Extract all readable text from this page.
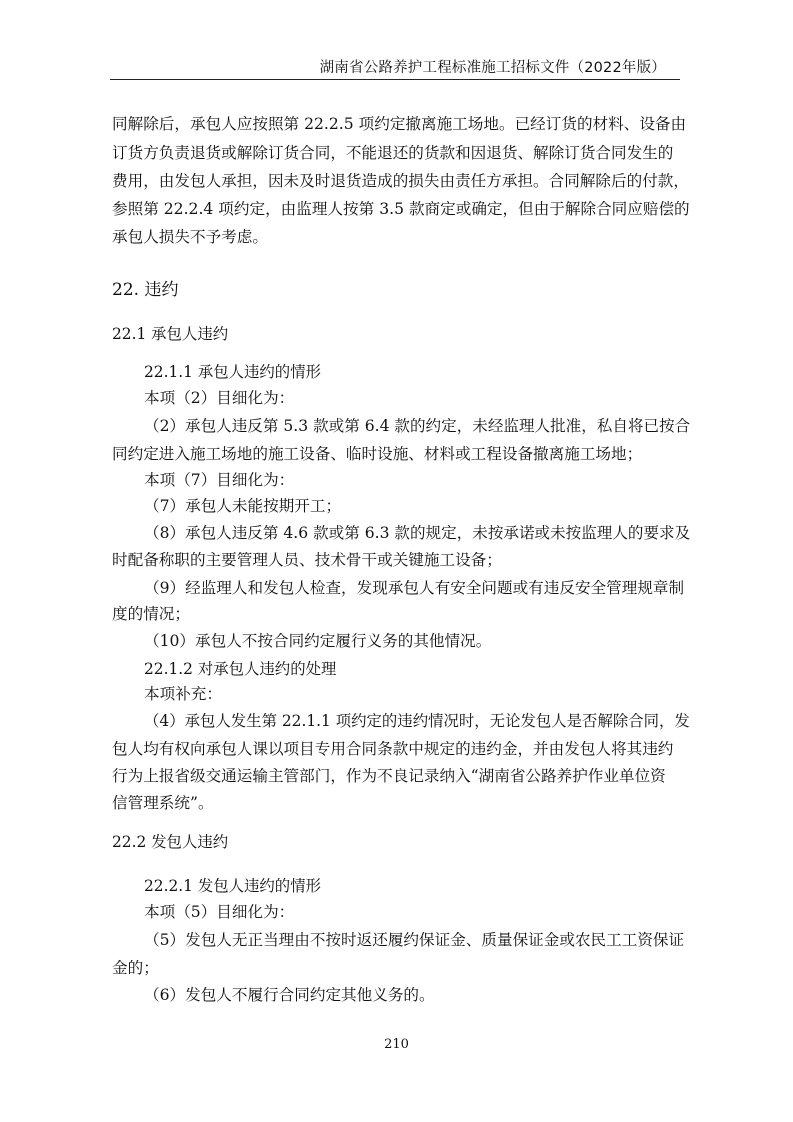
湖南省公路养护工程标准施工招标文件（2022年版）
同解除后，承包人应按照第 22.2.5 项约定撤离施工场地。已经订货的材料、设备由
订货方负责退货或解除订货合同，不能退还的货款和因退货、解除订货合同发生的
费用，由发包人承担，因未及时退货造成的损失由责任方承担。合同解除后的付款，
参照第 22.2.4 项约定，由监理人按第 3.5 款商定或确定，但由于解除合同应赔偿的
承包人损失不予考虑。
22. 违约
22.1 承包人违约
22.1.1 承包人违约的情形
本项（2）目细化为：
（2）承包人违反第 5.3 款或第 6.4 款的约定，未经监理人批准，私自将已按合
同约定进入施工场地的施工设备、临时设施、材料或工程设备撤离施工场地；
本项（7）目细化为：
（7）承包人未能按期开工；
（8）承包人违反第 4.6 款或第 6.3 款的规定，未按承诺或未按监理人的要求及
时配备称职的主要管理人员、技术骨干或关键施工设备；
（9）经监理人和发包人检查，发现承包人有安全问题或有违反安全管理规章制
度的情况；
（10）承包人不按合同约定履行义务的其他情况。
22.1.2 对承包人违约的处理
本项补充：
（4）承包人发生第 22.1.1 项约定的违约情况时，无论发包人是否解除合同，发
包人均有权向承包人课以项目专用合同条款中规定的违约金，并由发包人将其违约
行为上报省级交通运输主管部门，作为不良记录纳入“湖南省公路养护作业单位资
信管理系统”。
22.2 发包人违约
22.2.1 发包人违约的情形
本项（5）目细化为：
（5）发包人无正当理由不按时返还履约保证金、质量保证金或农民工工资保证
金的；
（6）发包人不履行合同约定其他义务的。
210
